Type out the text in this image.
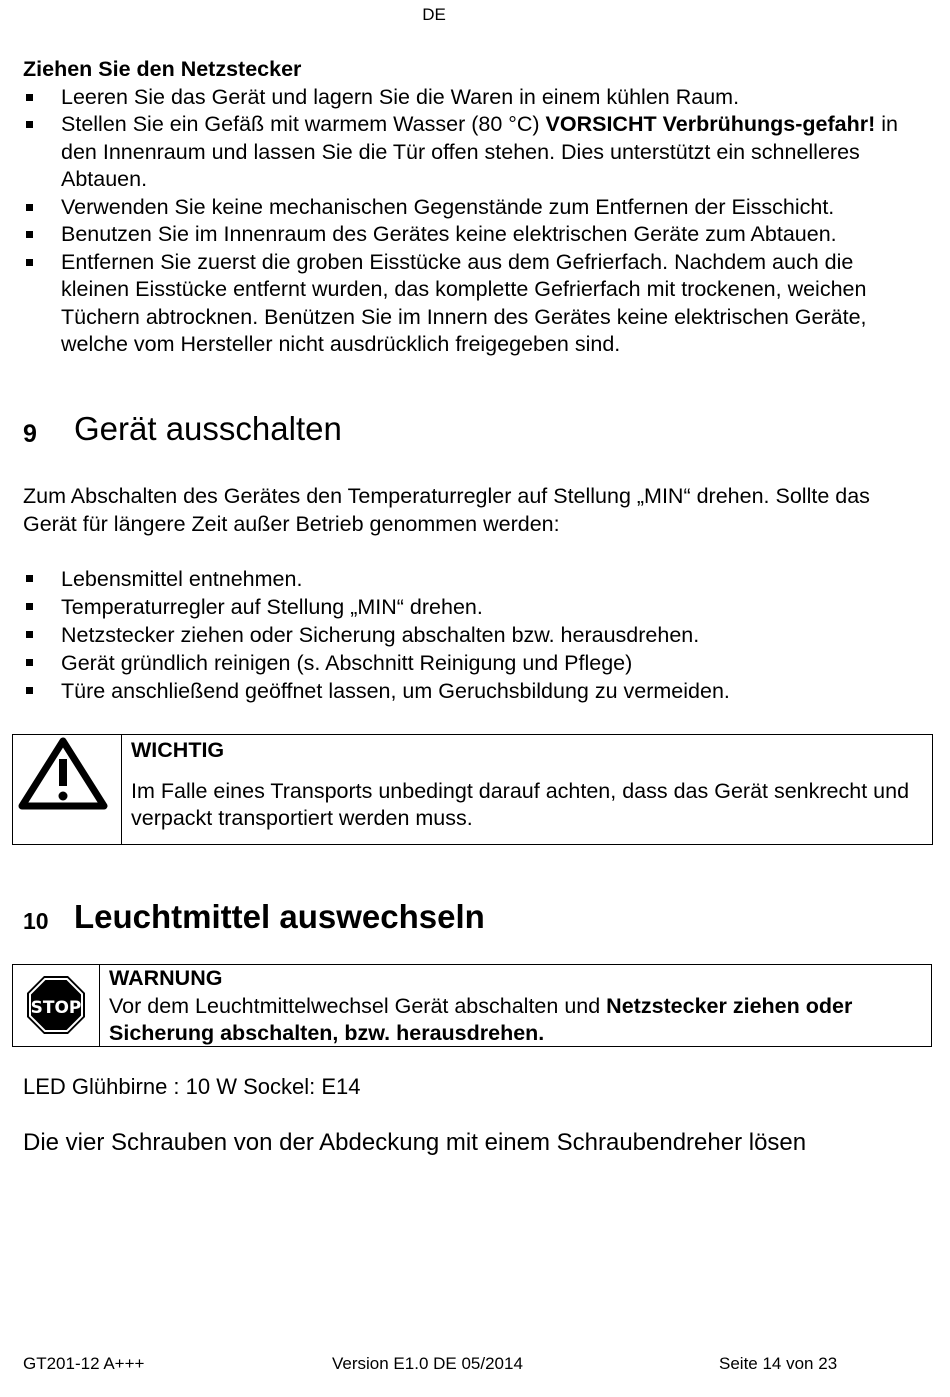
DE
Ziehen Sie den Netzstecker
Leeren Sie das Gerät und lagern Sie die Waren in einem kühlen Raum.
Stellen Sie ein Gefäß mit warmem Wasser (80 °C) VORSICHT Verbrühungs-gefahr! in den Innenraum und lassen Sie die Tür offen stehen. Dies unterstützt ein schnelleres Abtauen.
Verwenden Sie keine mechanischen Gegenstände zum Entfernen der Eisschicht.
Benutzen Sie im Innenraum des Gerätes keine elektrischen Geräte zum Abtauen.
Entfernen Sie zuerst die groben Eisstücke aus dem Gefrierfach. Nachdem auch die kleinen Eisstücke entfernt wurden, das komplette Gefrierfach mit trockenen, weichen Tüchern abtrocknen. Benützen Sie im Innern des Gerätes keine elektrischen Geräte, welche vom Hersteller nicht ausdrücklich freigegeben sind.
9 Gerät ausschalten
Zum Abschalten des Gerätes den Temperaturregler auf Stellung „MIN“ drehen. Sollte das Gerät für längere Zeit außer Betrieb genommen werden:
Lebensmittel entnehmen.
Temperaturregler auf Stellung „MIN“ drehen.
Netzstecker ziehen oder Sicherung abschalten bzw. herausdrehen.
Gerät gründlich reinigen (s. Abschnitt Reinigung und Pflege)
Türe anschließend geöffnet lassen, um Geruchsbildung zu vermeiden.
WICHTIG
Im Falle eines Transports unbedingt darauf achten, dass das Gerät senkrecht und verpackt transportiert werden muss.
10 Leuchtmittel auswechseln
STOP
WARNUNG
Vor dem Leuchtmittelwechsel Gerät abschalten und Netzstecker ziehen oder Sicherung abschalten, bzw. herausdrehen.
LED Glühbirne : 10 W Sockel: E14
Die vier Schrauben von der Abdeckung mit einem Schraubendreher lösen
GT201-12 A+++	Version E1.0 DE 05/2014	Seite 14 von 23
